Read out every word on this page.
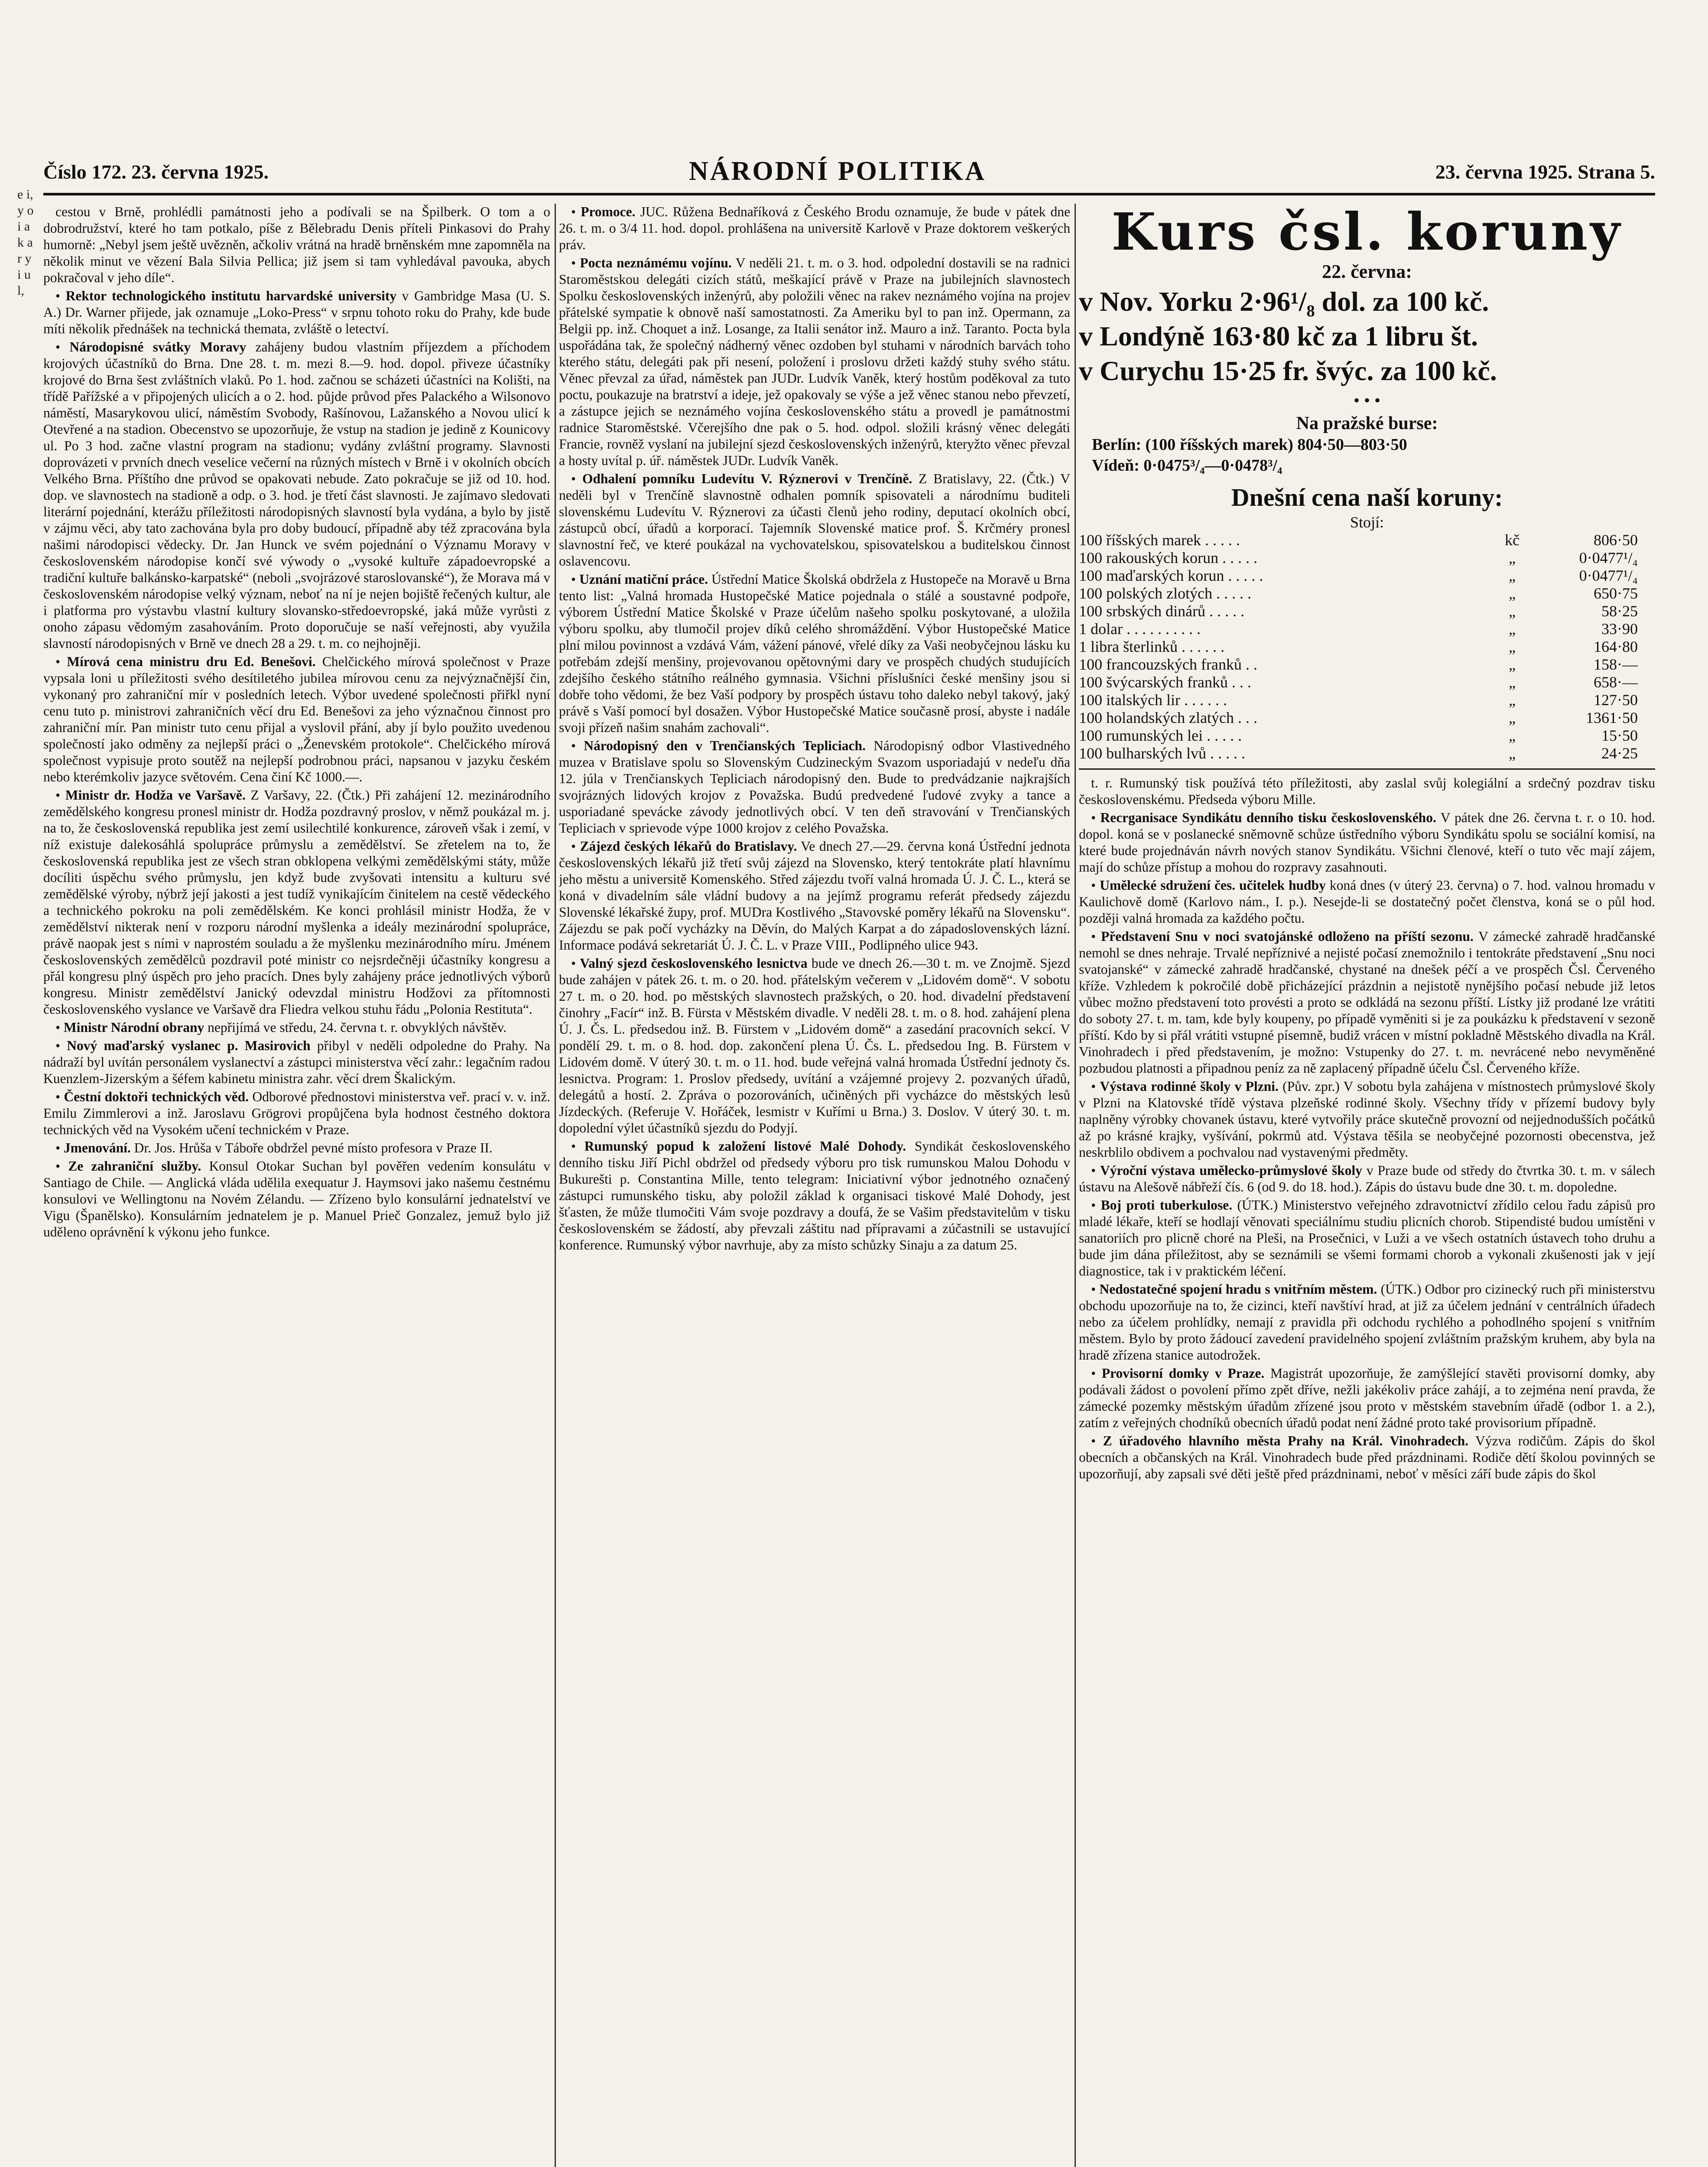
e i, y o i a k a r y i u l,
Číslo 172. 23. června 1925.	NÁRODNÍ POLITIKA	23. června 1925. Strana 5.

cestou v Brně, prohlédli památnosti jeho a podívali se na Špilberk. O tom a o dobrodružství, které ho tam potkalo, píše z Bělebradu Denis příteli Pinkasovi do Prahy humorně: „Nebyl jsem ještě uvězněn, ačkoliv vrátná na hradě brněnském mne zapomněla na několik minut ve vězení Bala Silvia Pellica; již jsem si tam vyhledával pavouka, abych pokračoval v jeho díle“.

• Rektor technologického institutu harvardské university v Gambridge Masa (U. S. A.) Dr. Warner přijede, jak oznamuje „Loko-Press“ v srpnu tohoto roku do Prahy, kde bude míti několik přednášek na technická themata, zvláště o letectví.

• Národopisné svátky Moravy zahájeny budou vlastním příjezdem a příchodem krojových účastníků do Brna. Dne 28. t. m. mezi 8.—9. hod. dopol. přiveze účastníky krojové do Brna šest zvláštních vlaků. Po 1. hod. začnou se scházeti účastníci na Kolišti, na třídě Pařížské a v připojených ulicích a o 2. hod. půjde průvod přes Palackého a Wilsonovo náměstí, Masarykovou ulicí, náměstím Svobody, Rašínovou, Lažanského a Novou ulicí k Otevřené a na stadion. Obecenstvo se upozorňuje, že vstup na stadion je jedině z Kounicovy ul. Po 3 hod. začne vlastní program na stadionu; vydány zvláštní programy. Slavnosti doprovázeti v prvních dnech veselice večerní na různých místech v Brně i v okolních obcích Velkého Brna. Příštího dne průvod se opakovati nebude. Zato pokračuje se již od 10. hod. dop. ve slavnostech na stadioně a odp. o 3. hod. je třetí část slavnosti. Je zajímavo sledovati literární pojednání, kterážu příležitosti národopisných slavností byla vydána, a bylo by jistě v zájmu věci, aby tato zachována byla pro doby budoucí, případně aby též zpracována byla našimi národopisci vědecky. Dr. Jan Hunck ve svém pojednání o Významu Moravy v československém národopise končí své výwody o „vysoké kultuře západoevropské a tradiční kultuře balkánsko-karpatské“ (neboli „svojrázové staroslovanské“), že Morava má v československém národopise velký význam, neboť na ní je nejen bojiště řečených kultur, ale i platforma pro výstavbu vlastní kultury slovansko-středoevropské, jaká může vyrůsti z onoho zápasu vědomým zasahováním. Proto doporučuje se naší veřejnosti, aby využila slavností národopisných v Brně ve dnech 28 a 29. t. m. co nejhojněji.

• Mírová cena ministru dru Ed. Benešovi. Chelčického mírová společnost v Praze vypsala loni u příležitosti svého desítiletého jubilea mírovou cenu za nejvýznačnější čin, vykonaný pro zahraniční mír v posledních letech. Výbor uvedené společnosti přiřkl nyní cenu tuto p. ministrovi zahraničních věcí dru Ed. Benešovi za jeho význačnou činnost pro zahraniční mír. Pan ministr tuto cenu přijal a vyslovil přání, aby jí bylo použito uvedenou společností jako odměny za nejlepší práci o „Ženevském protokole“. Chelčického mírová společnost vypisuje proto soutěž na nejlepší podrobnou práci, napsanou v jazyku českém nebo kterémkoliv jazyce světovém. Cena činí Kč 1000.—.

• Ministr dr. Hodža ve Varšavě. Z Varšavy, 22. (Čtk.) Při zahájení 12. mezinárodního zemědělského kongresu pronesl ministr dr. Hodža pozdravný proslov, v němž poukázal m. j. na to, že československá republika jest zemí usilechtilé konkurence, zároveň však i zemí, v níž existuje dalekosáhlá spolupráce průmyslu a zemědělství. Se zřetelem na to, že československá republika jest ze všech stran obklopena velkými zemědělskými státy, může docíliti úspěchu svého průmyslu, jen když bude zvyšovati intensitu a kulturu své zemědělské výroby, nýbrž její jakosti a jest tudíž vynikajícím činitelem na cestě vědeckého a technického pokroku na poli zemědělském. Ke konci prohlásil ministr Hodža, že v zemědělství nikterak není v rozporu národní myšlenka a ideály mezinárodní spolupráce, právě naopak jest s ními v naprostém souladu a že myšlenku mezinárodního míru. Jménem československých zemědělců pozdravil poté ministr co nejsrdečněji účastníky kongresu a přál kongresu plný úspěch pro jeho pracích. Dnes byly zahájeny práce jednotlivých výborů kongresu. Ministr zemědělství Janický odevzdal ministru Hodžovi za přítomnosti československého vyslance ve Varšavě dra Fliedra velkou stuhu řádu „Polonia Restituta“.

• Ministr Národní obrany nepřijímá ve středu, 24. června t. r. obvyklých návštěv.

• Nový maďarský vyslanec p. Masirovich přibyl v neděli odpoledne do Prahy. Na nádraží byl uvítán personálem vyslanectví a zástupci ministerstva věcí zahr.: legačním radou Kuenzlem-Jizerským a šéfem kabinetu ministra zahr. věcí drem Škalickým.

• Čestní doktoři technických věd. Odborové přednostovi ministerstva veř. prací v. v. inž. Emilu Zimmlerovi a inž. Jaroslavu Grögrovi propůjčena byla hodnost čestného doktora technických věd na Vysokém učení technickém v Praze.

• Jmenování. Dr. Jos. Hrůša v Táboře obdržel pevné místo profesora v Praze II.

• Ze zahraniční služby. Konsul Otokar Suchan byl pověřen vedením konsulátu v Santiago de Chile. — Anglická vláda udělila exequatur J. Haymsovi jako našemu čestnému konsulovi ve Wellingtonu na Novém Zélandu. — Zřízeno bylo konsulární jednatelství ve Vigu (Španělsko). Konsulárním jednatelem je p. Manuel Prieč Gonzalez, jemuž bylo již uděleno oprávnění k výkonu jeho funkce.

• Promoce. JUC. Růžena Bednaříková z Českého Brodu oznamuje, že bude v pátek dne 26. t. m. o 3/4 11. hod. dopol. prohlášena na universitě Karlově v Praze doktorem veškerých práv.

• Pocta neznámému vojínu. V neděli 21. t. m. o 3. hod. odpolední dostavili se na radnici Staroměstskou delegáti cizích států, meškající právě v Praze na jubilejních slavnostech Spolku československých inženýrů, aby položili věnec na rakev neznámého vojína na projev přátelské sympatie k obnově naší samostatnosti. Za Ameriku byl to pan inž. Opermann, za Belgii pp. inž. Choquet a inž. Losange, za Italii senátor inž. Mauro a inž. Taranto. Pocta byla uspořádána tak, že společný nádherný věnec ozdoben byl stuhami v národních barvách toho kterého státu, delegáti pak při nesení, položení i proslovu držeti každý stuhy svého státu. Věnec převzal za úřad, náměstek pan JUDr. Ludvík Vaněk, který hostům poděkoval za tuto poctu, poukazuje na bratrství a ideje, jež opakovaly se výše a jež věnec stanou nebo převzetí, a zástupce jejich se neznámého vojína československého státu a provedl je památnostmi radnice Staroměstské. Včerejšího dne pak o 5. hod. odpol. složili krásný věnec delegáti Francie, rovněž vyslaní na jubilejní sjezd československých inženýrů, kteryžto věnec převzal a hosty uvítal p. úř. náměstek JUDr. Ludvík Vaněk.

• Odhalení pomníku Ludevítu V. Rýznerovi v Trenčíně. Z Bratislavy, 22. (Čtk.) V neděli byl v Trenčíně slavnostně odhalen pomník spisovateli a národnímu buditeli slovenskému Ludevítu V. Rýznerovi za účasti členů jeho rodiny, deputací okolních obcí, zástupců obcí, úřadů a korporací. Tajemník Slovenské matice prof. Š. Krčméry pronesl slavnostní řeč, ve které poukázal na vychovatelskou, spisovatelskou a buditelskou činnost oslavencovu.

• Uznání matiční práce. Ústřední Matice Školská obdržela z Hustopeče na Moravě u Brna tento list: „Valná hromada Hustopečské Matice pojednala o stálé a soustavné podpoře, výborem Ústřední Matice Školské v Praze účelům našeho spolku poskytované, a uložila výboru spolku, aby tlumočil projev díků celého shromáždění. Výbor Hustopečské Matice plní milou povinnost a vzdává Vám, vážení pánové, vřelé díky za Vaši neobyčejnou lásku ku potřebám zdejší menšiny, projevovanou opětovnými dary ve prospěch chudých studujících zdejšího českého státního reálného gymnasia. Všichni příslušníci české menšiny jsou si dobře toho vědomi, že bez Vaší podpory by prospěch ústavu toho daleko nebyl takový, jaký právě s Vaší pomocí byl dosažen. Výbor Hustopečské Matice současně prosí, abyste i nadále svoji přízeň našim snahám zachovali“.

• Národopisný den v Trenčianských Tepliciach. Národopisný odbor Vlastivedného muzea v Bratislave spolu so Slovenským Cudzineckým Svazom usporiadajú v nedeľu dňa 12. júla v Trenčianskych Tepliciach národopisný den. Bude to predvádzanie najkrajších svojrázných lidových krojov z Považska. Budú predvedené ľudové zvyky a tance a usporiadané spevácke závody jednotlivých obcí. V ten deň stravování v Trenčianských Tepliciach v sprievode výpe 1000 krojov z celého Považska.

• Zájezd českých lékařů do Bratislavy. Ve dnech 27.—29. června koná Ústřední jednota československých lékařů již třetí svůj zájezd na Slovensko, který tentokráte platí hlavnímu jeho městu a universitě Komenského. Střed zájezdu tvoří valná hromada Ú. J. Č. L., která se koná v divadelním sále vládní budovy a na jejímž programu referát předsedy zájezdu Slovenské lékařské župy, prof. MUDra Kostlivého „Stavovské poměry lékařů na Slovensku“. Zájezdu se pak počí vycházky na Děvín, do Malých Karpat a do západoslovenských lázní. Informace podává sekretariát Ú. J. Č. L. v Praze VIII., Podlipného ulice 943.

• Valný sjezd československého lesnictva bude ve dnech 26.—30 t. m. ve Znojmě. Sjezd bude zahájen v pátek 26. t. m. o 20. hod. přátelským večerem v „Lidovém domě“. V sobotu 27 t. m. o 20. hod. po městských slavnostech pražských, o 20. hod. divadelní představení činohry „Facír“ inž. B. Fürsta v Městském divadle. V neděli 28. t. m. o 8. hod. zahájení plena Ú. J. Čs. L. předsedou inž. B. Fürstem v „Lidovém domě“ a zasedání pracovních sekcí. V pondělí 29. t. m. o 8. hod. dop. zakončení plena Ú. Čs. L. předsedou Ing. B. Fürstem v Lidovém domě. V úterý 30. t. m. o 11. hod. bude veřejná valná hromada Ústřední jednoty čs. lesnictva. Program: 1. Proslov předsedy, uvítání a vzájemné projevy 2. pozvaných úřadů, delegátů a hostí. 2. Zpráva o pozorováních, učiněných při vycházce do městských lesů Jízdeckých. (Referuje V. Hořáček, lesmistr v Kuřími u Brna.) 3. Doslov. V úterý 30. t. m. dopolední výlet účastníků sjezdu do Podyjí.

• Rumunský popud k založení listové Malé Dohody. Syndikát československého denního tisku Jiří Pichl obdržel od předsedy výboru pro tisk rumunskou Malou Dohodu v Bukurešti p. Constantina Mille, tento telegram: Iniciativní výbor jednotného označený zástupci rumunského tisku, aby položil základ k organisaci tiskové Malé Dohody, jest šťasten, že může tlumočiti Vám svoje pozdravy a doufá, že se Vašim představitelům v tisku československém se žádostí, aby převzali záštitu nad přípravami a zúčastnili se ustavující konference. Rumunský výbor navrhuje, aby za místo schůzky Sinaju a za datum 25.

Kurs čsl. koruny
22. června:
v Nov. Yorku 2·96¹/₈ dol. za 100 kč.
v Londýně 163·80 kč za 1 libru št.
v Curychu 15·25 fr. švýc. za 100 kč.
• • •
Na pražské burse:
Berlín: (100 říšských marek) 804·50—803·50
Vídeň: 0·0475³/₄—0·0478³/₄
Dnešní cena naší koruny:
Stojí:
100 říšských marek . . . . .	kč	806·50
100 rakouských korun . . . . .	„	0·0477¹/₄
100 maďarských korun . . . . .	„	0·0477¹/₄
100 polských zlotých . . . . .	„	650·75
100 srbských dinárů . . . . .	„	58·25
1 dolar . . . . . . . . . .	„	33·90
1 libra šterlinků . . . . . .	„	164·80
100 francouzských franků . .	„	158·—
100 švýcarských franků . . .	„	658·—
100 italských lir . . . . . .	„	127·50
100 holandských zlatých . . .	„	1361·50
100 rumunských lei . . . . .	„	15·50
100 bulharských lvů . . . . .	„	24·25

t. r. Rumunský tisk používá této příležitosti, aby zaslal svůj kolegiální a srdečný pozdrav tisku československému. Předseda výboru Mille.

• Recrganisace Syndikátu denního tisku československého. V pátek dne 26. června t. r. o 10. hod. dopol. koná se v poslanecké sněmovně schůze ústředního výboru Syndikátu spolu se sociální komisí, na které bude projednáván návrh nových stanov Syndikátu. Všichni členové, kteří o tuto věc mají zájem, mají do schůze přístup a mohou do rozpravy zasahnouti.

• Umělecké sdružení čes. učitelek hudby koná dnes (v úterý 23. června) o 7. hod. valnou hromadu v Kaulichově domě (Karlovo nám., I. p.). Nesejde-li se dostatečný počet členstva, koná se o půl hod. později valná hromada za každého počtu.

• Představení Snu v noci svatojánské odloženo na příští sezonu. V zámecké zahradě hradčanské nemohl se dnes nehraje. Trvalé nepříznivé a nejisté počasí znemožnilo i tentokráte představení „Snu noci svatojanské“ v zámecké zahradě hradčanské, chystané na dnešek péčí a ve prospěch Čsl. Červeného kříže. Vzhledem k pokročilé době přicházející prázdnin a nejistotě nynějšího počasí nebude již letos vůbec možno představení toto provésti a proto se odkládá na sezonu příští. Lístky již prodané lze vrátiti do soboty 27. t. m. tam, kde byly koupeny, po případě vyměniti si je za poukázku k představení v sezoně příští. Kdo by si přál vrátiti vstupné písemně, budiž vrácen v místní pokladně Městského divadla na Král. Vinohradech i před představením, je možno: Vstupenky do 27. t. m. nevrácené nebo nevyměněné pozbudou platnosti a připadnou peníz za ně zaplacený případně účelu Čsl. Červeného kříže.

• Výstava rodinné školy v Plzni. (Pův. zpr.) V sobotu byla zahájena v místnostech průmyslové školy v Plzni na Klatovské třídě výstava plzeňské rodinné školy. Všechny třídy v přízemí budovy byly naplněny výrobky chovanek ústavu, které vytvořily práce skutečně provozní od nejjednodušších počátků až po krásné krajky, vyšívání, pokrmů atd. Výstava těšila se neobyčejné pozornosti obecenstva, jež neskrblilo obdivem a pochvalou nad vystavenými předměty.

• Výroční výstava umělecko-průmyslové školy v Praze bude od středy do čtvrtka 30. t. m. v sálech ústavu na Alešově nábřeží čís. 6 (od 9. do 18. hod.). Zápis do ústavu bude dne 30. t. m. dopoledne.

• Boj proti tuberkulose. (ÚTK.) Ministerstvo veřejného zdravotnictví zřídilo celou řadu zápisů pro mladé lékaře, kteří se hodlají věnovati speciálnímu studiu plicních chorob. Stipendisté budou umístěni v sanatoriích pro plicně choré na Pleši, na Prosečnici, v Luži a ve všech ostatních ústavech toho druhu a bude jim dána příležitost, aby se seznámili se všemi formami chorob a vykonali zkušenosti jak v její diagnostice, tak i v praktickém léčení.

• Nedostatečné spojení hradu s vnitřním městem. (ÚTK.) Odbor pro cizinecký ruch při ministerstvu obchodu upozorňuje na to, že cizinci, kteří navštíví hrad, at již za účelem jednání v centrálních úřadech nebo za účelem prohlídky, nemají z pravidla při odchodu rychlého a pohodlného spojení s vnitřním městem. Bylo by proto žádoucí zavedení pravidelného spojení zvláštním pražským kruhem, aby byla na hradě zřízena stanice autodrožek.

• Provisorní domky v Praze. Magistrát upozorňuje, že zamýšlející stavěti provisorní domky, aby podávali žádost o povolení přímo zpět dříve, nežli jakékoliv práce zahájí, a to zejména není pravda, že zámecké pozemky městským úřadům zřízené jsou proto v městském stavebním úřadě (odbor 1. a 2.), zatím z veřejných chodníků obecních úřadů podat není žádné proto také provisorium případně.

• Z úřadového hlavního města Prahy na Král. Vinohradech. Výzva rodičům. Zápis do škol obecních a občanských na Král. Vinohradech bude před prázdninami. Rodiče dětí školou povinných se upozorňují, aby zapsali své děti ještě před prázdninami, neboť v měsíci září bude zápis do škol
